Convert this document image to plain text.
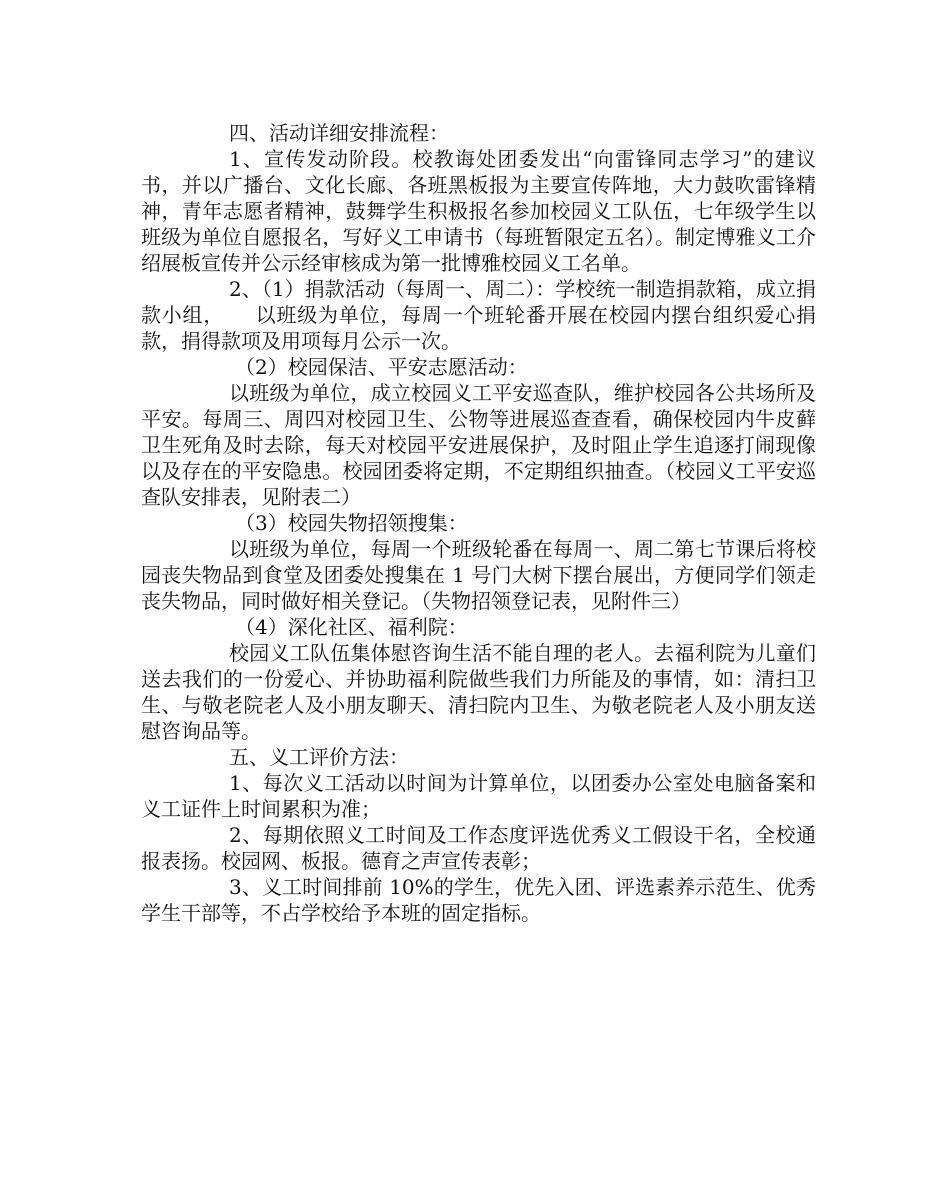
四、活动详细安排流程：

1、宣传发动阶段。校教诲处团委发出“向雷锋同志学习”的建议书，并以广播台、文化长廊、各班黑板报为主要宣传阵地，大力鼓吹雷锋精神，青年志愿者精神，鼓舞学生积极报名参加校园义工队伍，七年级学生以班级为单位自愿报名，写好义工申请书（每班暂限定五名）。制定博雅义工介绍展板宣传并公示经审核成为第一批博雅校园义工名单。

2、（1）捐款活动（每周一、周二）：学校统一制造捐款箱，成立捐款小组，　　以班级为单位，每周一个班轮番开展在校园内摆台组织爱心捐款，捐得款项及用项每月公示一次。

（2）校园保洁、平安志愿活动：

以班级为单位，成立校园义工平安巡查队，维护校园各公共场所及平安。每周三、周四对校园卫生、公物等进展巡查查看，确保校园内牛皮藓卫生死角及时去除，每天对校园平安进展保护，及时阻止学生追逐打闹现像以及存在的平安隐患。校园团委将定期，不定期组织抽查。（校园义工平安巡查队安排表，见附表二）

（3）校园失物招领搜集：

以班级为单位，每周一个班级轮番在每周一、周二第七节课后将校园丧失物品到食堂及团委处搜集在 1 号门大树下摆台展出，方便同学们领走丧失物品，同时做好相关登记。（失物招领登记表，见附件三）

（4）深化社区、福利院：

校园义工队伍集体慰咨询生活不能自理的老人。去福利院为儿童们送去我们的一份爱心、并协助福利院做些我们力所能及的事情，如：清扫卫生、与敬老院老人及小朋友聊天、清扫院内卫生、为敬老院老人及小朋友送慰咨询品等。

五、义工评价方法：

1、每次义工活动以时间为计算单位，以团委办公室处电脑备案和义工证件上时间累积为准；

2、每期依照义工时间及工作态度评选优秀义工假设干名，全校通报表扬。校园网、板报。德育之声宣传表彰；

3、义工时间排前 10%的学生，优先入团、评选素养示范生、优秀学生干部等，不占学校给予本班的固定指标。
